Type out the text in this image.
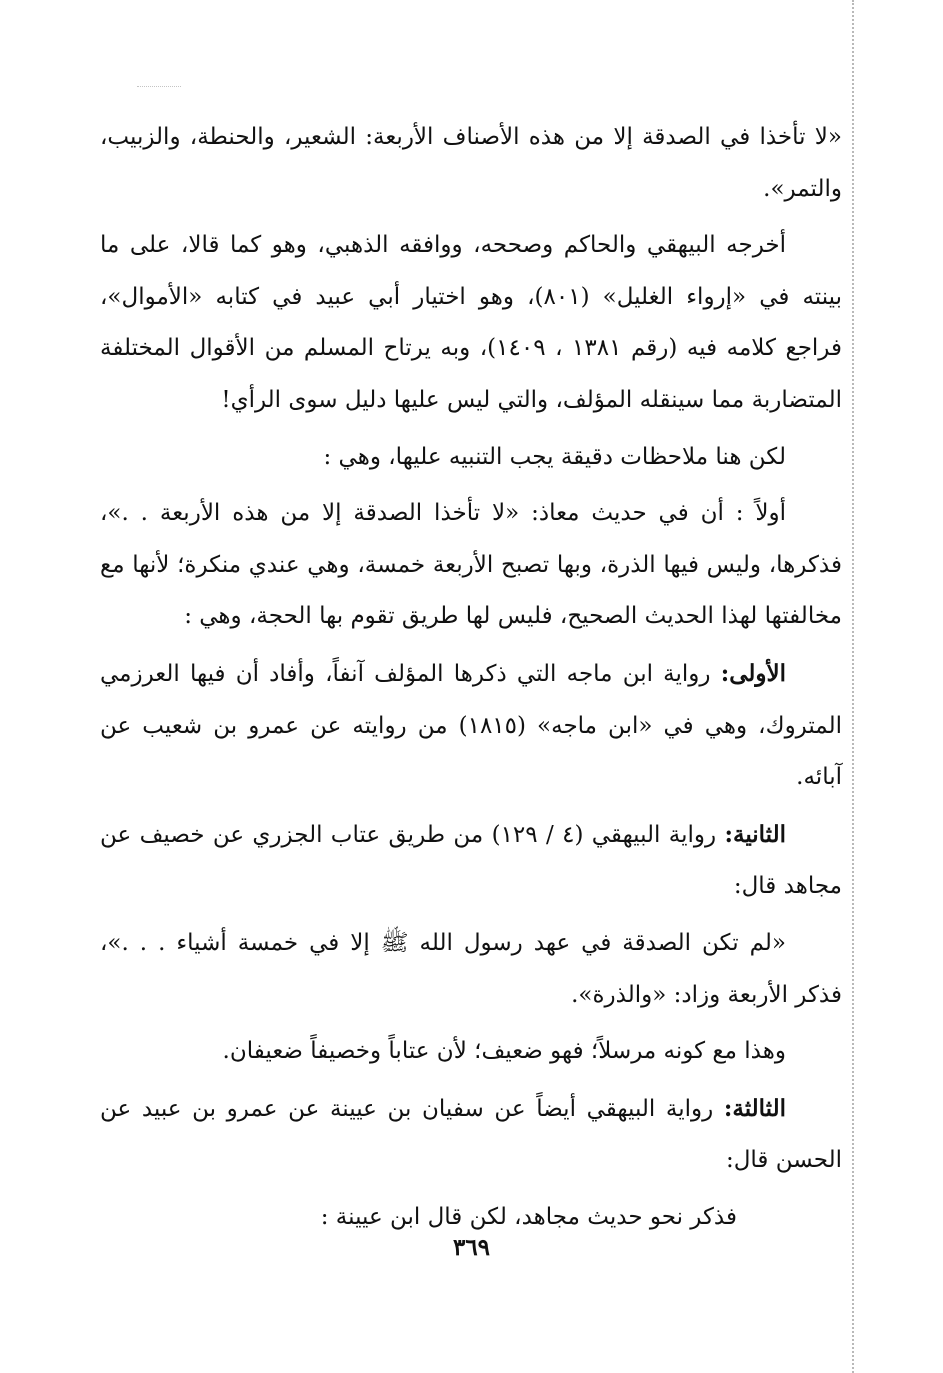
«لا تأخذا في الصدقة إلا من هذه الأصناف الأربعة: الشعير، والحنطة، والزبيب، والتمر».

أخرجه البيهقي والحاكم وصححه، ووافقه الذهبي، وهو كما قالا، على ما بينته في «إرواء الغليل» (٨٠١)، وهو اختيار أبي عبيد في كتابه «الأموال»، فراجع كلامه فيه (رقم ١٣٨١ ، ١٤٠٩)، وبه يرتاح المسلم من الأقوال المختلفة المتضاربة مما سينقله المؤلف، والتي ليس عليها دليل سوى الرأي!

لكن هنا ملاحظات دقيقة يجب التنبيه عليها، وهي :

أولاً : أن في حديث معاذ: «لا تأخذا الصدقة إلا من هذه الأربعة . .»، فذكرها، وليس فيها الذرة، وبها تصبح الأربعة خمسة، وهي عندي منكرة؛ لأنها مع مخالفتها لهذا الحديث الصحيح، فليس لها طريق تقوم بها الحجة، وهي :

الأولى: رواية ابن ماجه التي ذكرها المؤلف آنفاً، وأفاد أن فيها العرزمي المتروك، وهي في «ابن ماجه» (١٨١٥) من روايته عن عمرو بن شعيب عن آبائه.

الثانية: رواية البيهقي (٤ / ١٢٩) من طريق عتاب الجزري عن خصيف عن مجاهد قال:

«لم تكن الصدقة في عهد رسول الله ﷺ إلا في خمسة أشياء . . .»، فذكر الأربعة وزاد: «والذرة».

وهذا مع كونه مرسلاً؛ فهو ضعيف؛ لأن عتاباً وخصيفاً ضعيفان.

الثالثة: رواية البيهقي أيضاً عن سفيان بن عيينة عن عمرو بن عبيد عن الحسن قال:

فذكر نحو حديث مجاهد، لكن قال ابن عيينة :

٣٦٩
